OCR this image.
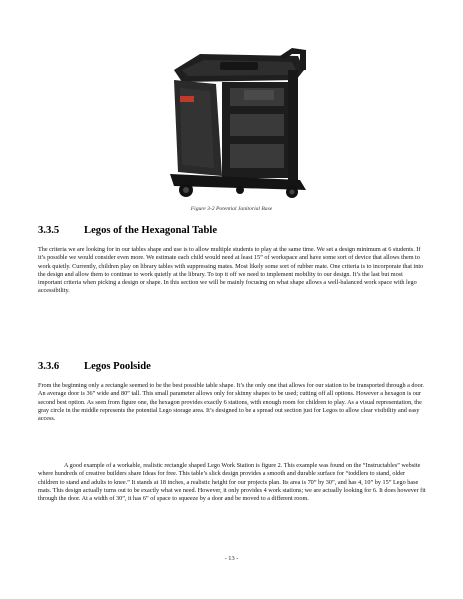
Figure 3-2 Potential Janitorial Base
3.3.5 Legos of the Hexagonal Table

The criteria we are looking for in our tables shape and use is to allow multiple students to play at the same time. We set a design minimum at 6 students. If it’s possible we would consider even more. We estimate each child would need at least 15” of workspace and have some sort of device that allows them to work quietly. Currently, children play on library tables with suppressing mates. Most likely some sort of rubber mate. One criteria is to incorporate that into the design and allow them to continue to work quietly at the library. To top it off we need to implement mobility to our design. It’s the last but most important criteria when picking a design or shape. In this section we will be mainly focusing on what shape allows a well-balanced work space with lego accessibility.

3.3.6 Legos Poolside

From the beginning only a rectangle seemed to be the best possible table shape. It’s the only one that allows for our station to be transported through a door. An average door is 36” wide and 80” tall. This small parameter allows only for skinny shapes to be used; cutting off all options. However a hexagon is our second best option. As seen from figure one, the hexagon provides exactly 6 stations, with enough room for children to play. As a visual representation, the gray circle in the middle represents the potential Lego storage area. It’s designed to be a spread out section just for Legos to allow clear visibility and easy access.

A good example of a workable, realistic rectangle shaped Lego Work Station is figure 2. This example was found on the “Instructables” website where hundreds of creative builders share Ideas for free. This table’s slick design provides a smooth and durable surface for “toddlers to stand, older children to stand and adults to knee.” It stands at 18 inches, a realistic height for our projects plan. Its area is 70” by 30”, and has 4, 10” by 15” Lego base mats. This design actually turns out to be exactly what we need. However, it only provides 4 work stations; we are actually looking for 6. It does however fit through the door. At a width of 30”, it has 6” of space to squeeze by a door and be moved to a different room.

- 13 -
